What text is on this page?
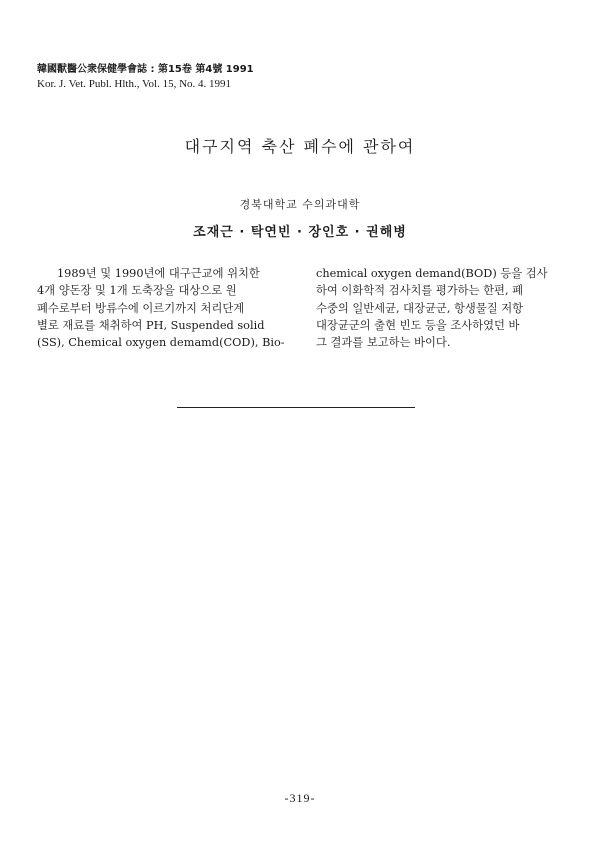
韓國獸醫公衆保健學會誌 : 第15卷 第4號 1991
Kor. J. Vet. Publ. Hlth., Vol. 15, No. 4. 1991
대구지역 축산 폐수에 관하여
경북대학교 수의과대학
조재근 · 탁연빈 · 장인호 · 권해병
1989년 및 1990년에 대구근교에 위치한
4개 양돈장 및 1개 도축장을 대상으로 원
폐수로부터 방류수에 이르기까지 처리단계
별로 재료를 채취하여 PH, Suspended solid
(SS), Chemical oxygen demamd(COD), Bio-
chemical oxygen demand(BOD) 등을 검사
하여 이화학적 검사치를 평가하는 한편, 폐
수중의 일반세균, 대장균군, 항생물질 저항
대장균군의 출현 빈도 등을 조사하였던 바
그 결과를 보고하는 바이다.
-319-
